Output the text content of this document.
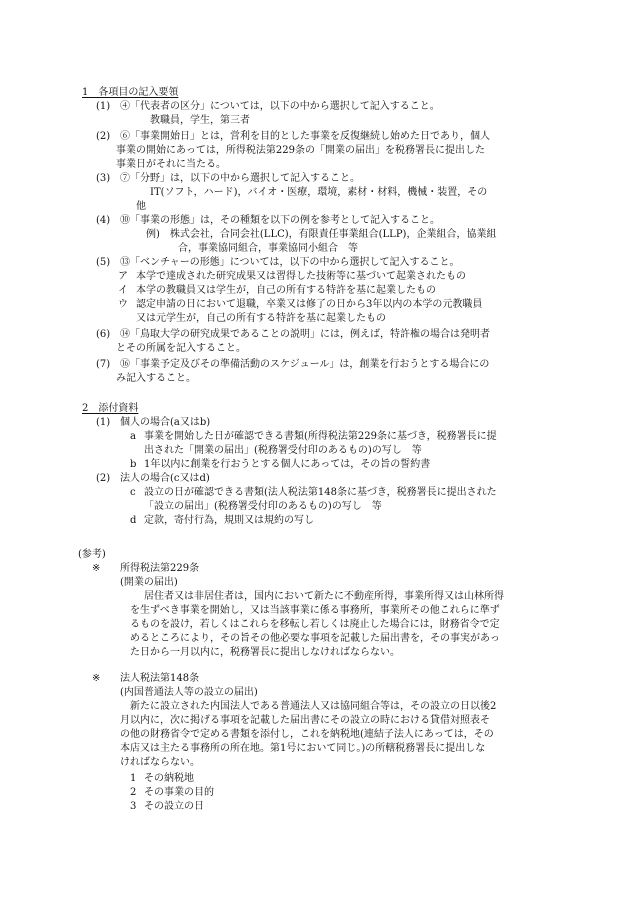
1　各項目の記入要領
(1) ④「代表者の区分」については，以下の中から選択して記入すること。
教職員，学生，第三者
(2) ⑥「事業開始日」とは，営利を目的とした事業を反復継続し始めた日であり，個人
事業の開始にあっては，所得税法第229条の「開業の届出」を税務署長に提出した
事業日がそれに当たる。
(3) ⑦「分野」は，以下の中から選択して記入すること。
IT(ソフト，ハード)，バイオ・医療，環境，素材・材料，機械・装置，その
他
(4) ⑩「事業の形態」は，その種類を以下の例を参考として記入すること。
例)　株式会社，合同会社(LLC)，有限責任事業組合(LLP)，企業組合，協業組
合，事業協同組合，事業協同小組合　等
(5) ⑬「ベンチャーの形態」については，以下の中から選択して記入すること。
ア 本学で達成された研究成果又は習得した技術等に基づいて起業されたもの
イ 本学の教職員又は学生が，自己の所有する特許を基に起業したもの
ウ 認定申請の日において退職，卒業又は修了の日から3年以内の本学の元教職員
又は元学生が，自己の所有する特許を基に起業したもの
(6) ⑭「鳥取大学の研究成果であることの説明」には，例えば，特許権の場合は発明者
とその所属を記入すること。
(7) ⑯「事業予定及びその準備活動のスケジュール」は，創業を行おうとする場合にの
み記入すること。
2　添付資料
(1) 個人の場合(a又はb)
a 事業を開始した日が確認できる書類(所得税法第229条に基づき，税務署長に提
出された「開業の届出」(税務署受付印のあるもの)の写し　等
b 1年以内に創業を行おうとする個人にあっては，その旨の誓約書
(2) 法人の場合(c又はd)
c 設立の日が確認できる書類(法人税法第148条に基づき，税務署長に提出された
「設立の届出」(税務署受付印のあるもの)の写し　等
d 定款，寄付行為，規則又は規約の写し
(参考)
※ 所得税法第229条
(開業の届出)
居住者又は非居住者は，国内において新たに不動産所得，事業所得又は山林所得
を生ずべき事業を開始し，又は当該事業に係る事務所，事業所その他これらに準ず
るものを設け，若しくはこれらを移転し若しくは廃止した場合には，財務省令で定
めるところにより，その旨その他必要な事項を記載した届出書を，その事実があっ
た日から一月以内に，税務署長に提出しなければならない。
※ 法人税法第148条
(内国普通法人等の設立の届出)
新たに設立された内国法人である普通法人又は協同組合等は，その設立の日以後2
月以内に，次に掲げる事項を記載した届出書にその設立の時における貸借対照表そ
の他の財務省令で定める書類を添付し，これを納税地(連結子法人にあっては，その
本店又は主たる事務所の所在地。第1号において同じ。)の所轄税務署長に提出しな
ければならない。
1 その納税地
2 その事業の目的
3 その設立の日
